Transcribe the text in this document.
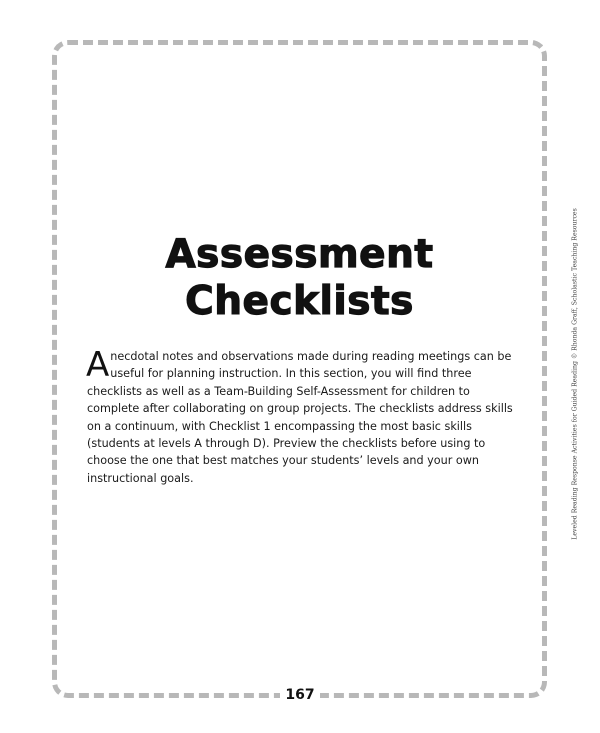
Assessment
Checklists
Anecdotal notes and observations made during reading meetings can be useful for planning instruction. In this section, you will find three checklists as well as a Team-Building Self-Assessment for children to complete after collaborating on group projects. The checklists address skills on a continuum, with Checklist 1 encompassing the most basic skills (students at levels A through D). Preview the checklists before using to choose the one that best matches your students’ levels and your own instructional goals.
167
Leveled Reading Response Activities for Guided Reading © Rhonda Graff, Scholastic Teaching Resources
